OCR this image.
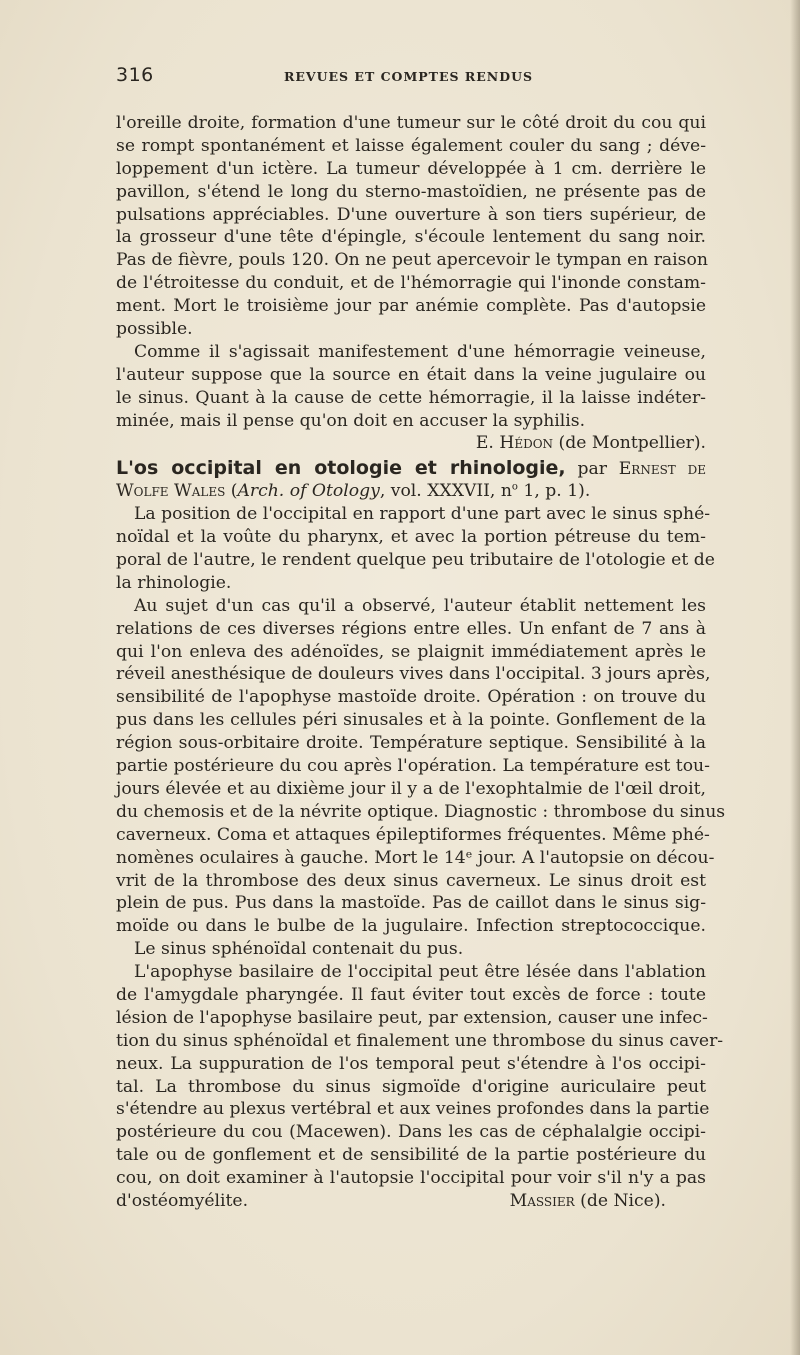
316	REVUES ET COMPTES RENDUS
l'oreille droite, formation d'une tumeur sur le côté droit du cou qui
se rompt spontanément et laisse également couler du sang ; déve-
loppement d'un ictère. La tumeur développée à 1 cm. derrière le
pavillon, s'étend le long du sterno-mastoïdien, ne présente pas de
pulsations appréciables. D'une ouverture à son tiers supérieur, de
la grosseur d'une tête d'épingle, s'écoule lentement du sang noir.
Pas de fièvre, pouls 120. On ne peut apercevoir le tympan en raison
de l'étroitesse du conduit, et de l'hémorragie qui l'inonde constam-
ment. Mort le troisième jour par anémie complète. Pas d'autopsie
possible.
Comme il s'agissait manifestement d'une hémorragie veineuse,
l'auteur suppose que la source en était dans la veine jugulaire ou
le sinus. Quant à la cause de cette hémorragie, il la laisse indéter-
minée, mais il pense qu'on doit en accuser la syphilis.
E. Hédon (de Montpellier).
L'os occipital en otologie et rhinologie, par Ernest de
Wolfe Wales (Arch. of Otology, vol. XXXVII, $n^o$ 1, p. 1).
La position de l'occipital en rapport d'une part avec le sinus sphé-
noïdal et la voûte du pharynx, et avec la portion pétreuse du tem-
poral de l'autre, le rendent quelque peu tributaire de l'otologie et de
la rhinologie.
Au sujet d'un cas qu'il a observé, l'auteur établit nettement les
relations de ces diverses régions entre elles. Un enfant de 7 ans à
qui l'on enleva des adénoïdes, se plaignit immédiatement après le
réveil anesthésique de douleurs vives dans l'occipital. 3 jours après,
sensibilité de l'apophyse mastoïde droite. Opération : on trouve du
pus dans les cellules péri sinusales et à la pointe. Gonflement de la
région sous-orbitaire droite. Température septique. Sensibilité à la
partie postérieure du cou après l'opération. La température est tou-
jours élevée et au dixième jour il y a de l'exophtalmie de l'œil droit,
du chemosis et de la névrite optique. Diagnostic : thrombose du sinus
caverneux. Coma et attaques épileptiformes fréquentes. Même phé-
nomènes oculaires à gauche. Mort le 14ᵉ jour. A l'autopsie on décou-
vrit de la thrombose des deux sinus caverneux. Le sinus droit est
plein de pus. Pus dans la mastoïde. Pas de caillot dans le sinus sig-
moïde ou dans le bulbe de la jugulaire. Infection streptococcique.
Le sinus sphénoïdal contenait du pus.
L'apophyse basilaire de l'occipital peut être lésée dans l'ablation
de l'amygdale pharyngée. Il faut éviter tout excès de force : toute
lésion de l'apophyse basilaire peut, par extension, causer une infec-
tion du sinus sphénoïdal et finalement une thrombose du sinus caver-
neux. La suppuration de l'os temporal peut s'étendre à l'os occipi-
tal. La thrombose du sinus sigmoïde d'origine auriculaire peut
s'étendre au plexus vertébral et aux veines profondes dans la partie
postérieure du cou (Macewen). Dans les cas de céphalalgie occipi-
tale ou de gonflement et de sensibilité de la partie postérieure du
cou, on doit examiner à l'autopsie l'occipital pour voir s'il n'y a pas
d'ostéomyélite.	Massier (de Nice).
